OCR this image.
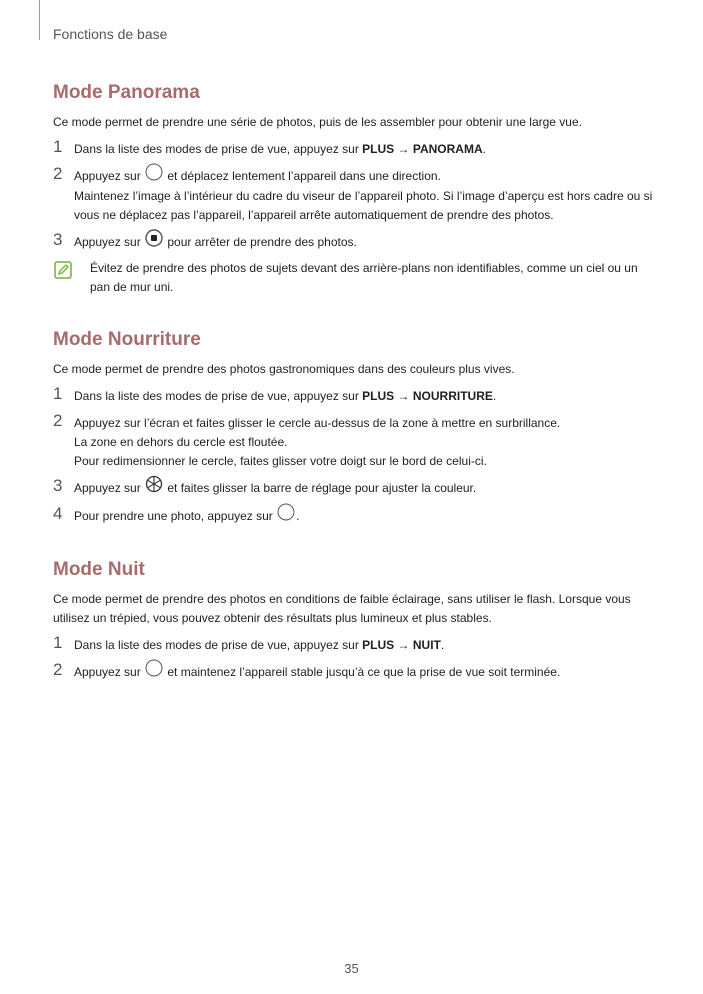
Fonctions de base
Mode Panorama

Ce mode permet de prendre une série de photos, puis de les assembler pour obtenir une large vue.

1 Dans la liste des modes de prise de vue, appuyez sur PLUS → PANORAMA.

2 Appuyez sur  et déplacez lentement l’appareil dans une direction.

Maintenez l’image à l’intérieur du cadre du viseur de l’appareil photo. Si l’image d’aperçu est hors cadre ou si vous ne déplacez pas l’appareil, l’appareil arrête automatiquement de prendre des photos.

3 Appuyez sur  pour arrêter de prendre des photos.

Évitez de prendre des photos de sujets devant des arrière-plans non identifiables, comme un ciel ou un pan de mur uni.
Mode Nourriture

Ce mode permet de prendre des photos gastronomiques dans des couleurs plus vives.

1 Dans la liste des modes de prise de vue, appuyez sur PLUS → NOURRITURE.

2 Appuyez sur l’écran et faites glisser le cercle au-dessus de la zone à mettre en surbrillance.

La zone en dehors du cercle est floutée.

Pour redimensionner le cercle, faites glisser votre doigt sur le bord de celui-ci.

3 Appuyez sur  et faites glisser la barre de réglage pour ajuster la couleur.

4 Pour prendre une photo, appuyez sur .

Mode Nuit

Ce mode permet de prendre des photos en conditions de faible éclairage, sans utiliser le flash. Lorsque vous utilisez un trépied, vous pouvez obtenir des résultats plus lumineux et plus stables.

1 Dans la liste des modes de prise de vue, appuyez sur PLUS → NUIT.

2 Appuyez sur  et maintenez l’appareil stable jusqu’à ce que la prise de vue soit terminée.

35
